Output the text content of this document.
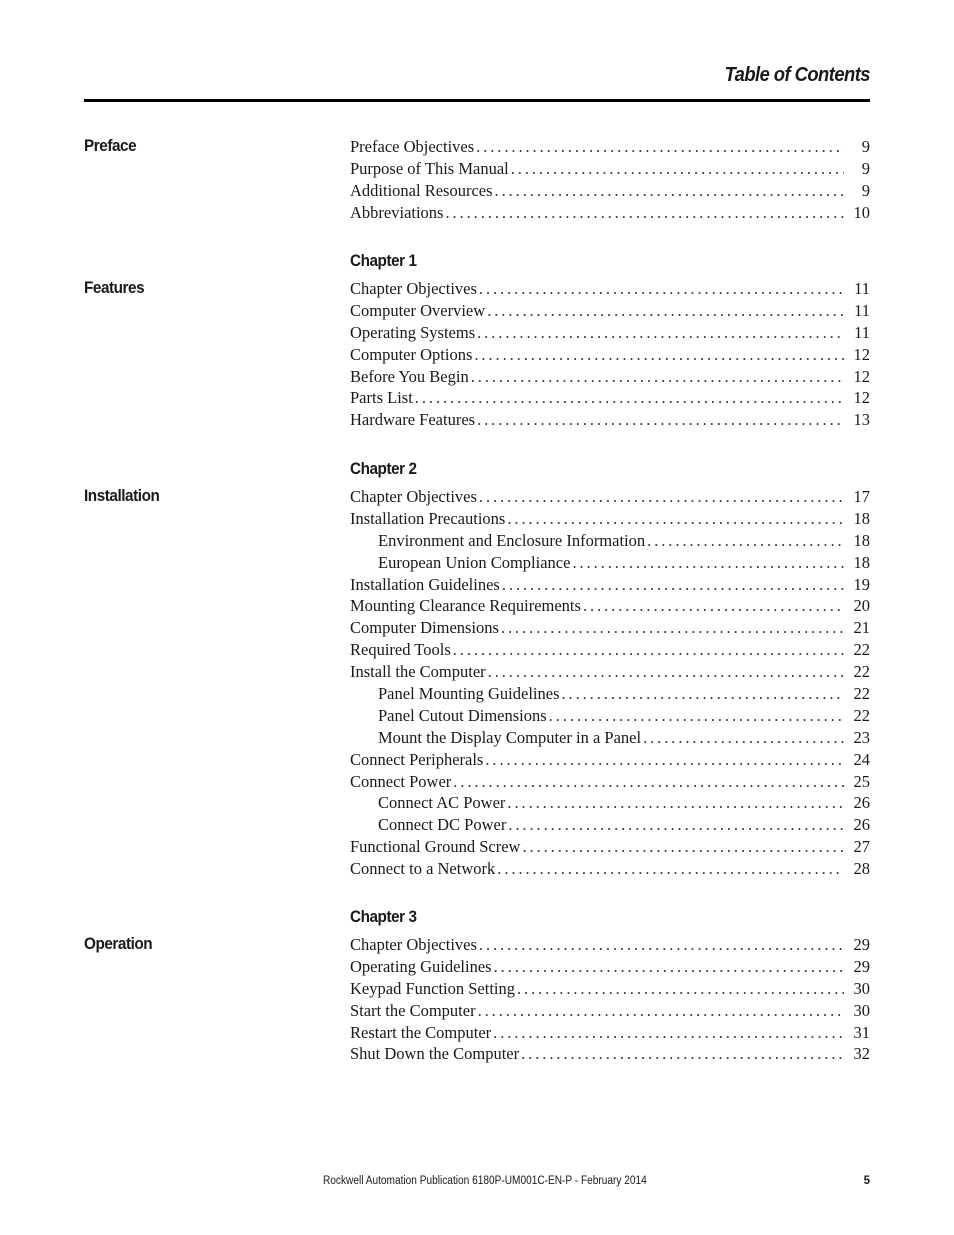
Table of Contents
Preface	Preface Objectives . . .	9
Purpose of This Manual . . .	9
Additional Resources . . .	9
Abbreviations . . .	10
Features
Chapter 1
Chapter Objectives . . .	11
Computer Overview . . .	11
Operating Systems . . .	11
Computer Options . . .	12
Before You Begin . . .	12
Parts List . . .	12
Hardware Features . . .	13
Installation
Chapter 2
Chapter Objectives . . .	17
Installation Precautions . . .	18
Environment and Enclosure Information . . .	18
European Union Compliance . . .	18
Installation Guidelines . . .	19
Mounting Clearance Requirements . . .	20
Computer Dimensions . . .	21
Required Tools . . .	22
Install the Computer . . .	22
Panel Mounting Guidelines . . .	22
Panel Cutout Dimensions . . .	22
Mount the Display Computer in a Panel . . .	23
Connect Peripherals . . .	24
Connect Power . . .	25
Connect AC Power . . .	26
Connect DC Power . . .	26
Functional Ground Screw . . .	27
Connect to a Network . . .	28
Operation
Chapter 3
Chapter Objectives . . .	29
Operating Guidelines . . .	29
Keypad Function Setting . . .	30
Start the Computer . . .	30
Restart the Computer . . .	31
Shut Down the Computer . . .	32
Rockwell Automation Publication 6180P-UM001C-EN-P - February 2014	5
